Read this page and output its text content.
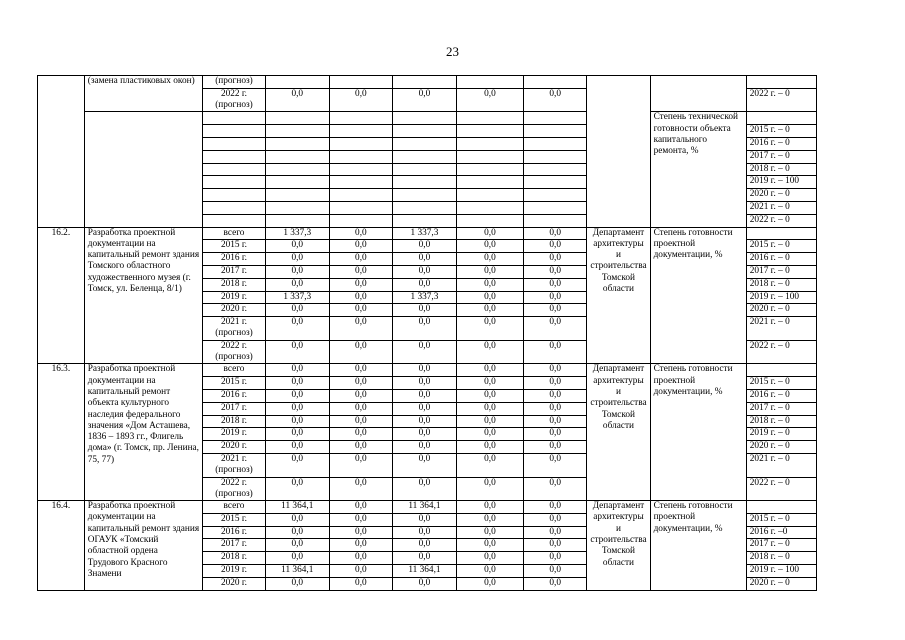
23
	(замена пластиковых окон)	(прогноз)								
		2022 г. (прогноз)	0,0	0,0	0,0	0,0	0,0			2022 г. – 0
									Степень технической готовности объекта капитального ремонта, %	
										2015 г. – 0
										2016 г. – 0
										2017 г. – 0
										2018 г. – 0
										2019 г. – 100
										2020 г. – 0
										2021 г. – 0
										2022 г. – 0
16.2.	Разработка проектной документации на капитальный ремонт здания Томского областного художественного музея (г. Томск, ул. Беленца, 8/1)	всего	1 337,3	0,0	1 337,3	0,0	0,0	Департамент архитектуры и строительства Томской области	Степень готовности проектной документации, %	
		2015 г.	0,0	0,0	0,0	0,0	0,0			2015 г. – 0
		2016 г.	0,0	0,0	0,0	0,0	0,0			2016 г. – 0
		2017 г.	0,0	0,0	0,0	0,0	0,0			2017 г. – 0
		2018 г.	0,0	0,0	0,0	0,0	0,0			2018 г. – 0
		2019 г.	1 337,3	0,0	1 337,3	0,0	0,0			2019 г. – 100
		2020 г.	0,0	0,0	0,0	0,0	0,0			2020 г. – 0
		2021 г. (прогноз)	0,0	0,0	0,0	0,0	0,0			2021 г. – 0
		2022 г. (прогноз)	0,0	0,0	0,0	0,0	0,0			2022 г. – 0
16.3.	Разработка проектной документации на капитальный ремонт объекта культурного наследия федерального значения «Дом Асташева, 1836 – 1893 гг., Флигель дома» (г. Томск, пр. Ленина, 75, 77)	всего	0,0	0,0	0,0	0,0	0,0	Департамент архитектуры и строительства Томской области	Степень готовности проектной документации, %	
		2015 г.	0,0	0,0	0,0	0,0	0,0			2015 г. – 0
		2016 г.	0,0	0,0	0,0	0,0	0,0			2016 г. – 0
		2017 г.	0,0	0,0	0,0	0,0	0,0			2017 г. – 0
		2018 г.	0,0	0,0	0,0	0,0	0,0			2018 г. – 0
		2019 г.	0,0	0,0	0,0	0,0	0,0			2019 г. – 0
		2020 г.	0,0	0,0	0,0	0,0	0,0			2020 г. – 0
		2021 г. (прогноз)	0,0	0,0	0,0	0,0	0,0			2021 г. – 0
		2022 г. (прогноз)	0,0	0,0	0,0	0,0	0,0			2022 г. – 0
16.4.	Разработка проектной документации на капитальный ремонт здания ОГАУК «Томский областной ордена Трудового Красного Знамени	всего	11 364,1	0,0	11 364,1	0,0	0,0	Департамент архитектуры и строительства Томской области	Степень готовности проектной документации, %	
		2015 г.	0,0	0,0	0,0	0,0	0,0			2015 г. – 0
		2016 г.	0,0	0,0	0,0	0,0	0,0			2016 г. –0
		2017 г.	0,0	0,0	0,0	0,0	0,0			2017 г. – 0
		2018 г.	0,0	0,0	0,0	0,0	0,0			2018 г. – 0
		2019 г.	11 364,1	0,0	11 364,1	0,0	0,0			2019 г. – 100
		2020 г.	0,0	0,0	0,0	0,0	0,0			2020 г. – 0
